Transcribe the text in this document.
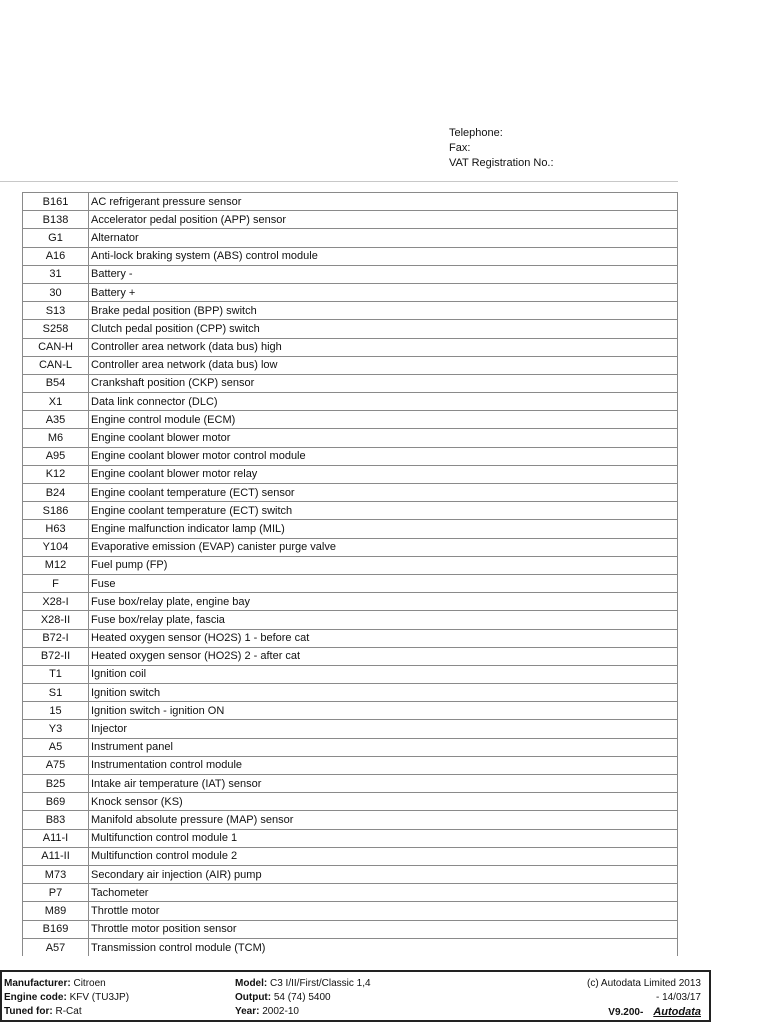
Telephone:
Fax:
VAT Registration No.:
B161	AC refrigerant pressure sensor
B138	Accelerator pedal position (APP) sensor
G1	Alternator
A16	Anti-lock braking system (ABS) control module
31	Battery -
30	Battery +
S13	Brake pedal position (BPP) switch
S258	Clutch pedal position (CPP) switch
CAN-H	Controller area network (data bus) high
CAN-L	Controller area network (data bus) low
B54	Crankshaft position (CKP) sensor
X1	Data link connector (DLC)
A35	Engine control module (ECM)
M6	Engine coolant blower motor
A95	Engine coolant blower motor control module
K12	Engine coolant blower motor relay
B24	Engine coolant temperature (ECT) sensor
S186	Engine coolant temperature (ECT) switch
H63	Engine malfunction indicator lamp (MIL)
Y104	Evaporative emission (EVAP) canister purge valve
M12	Fuel pump (FP)
F	Fuse
X28-I	Fuse box/relay plate, engine bay
X28-II	Fuse box/relay plate, fascia
B72-I	Heated oxygen sensor (HO2S) 1 - before cat
B72-II	Heated oxygen sensor (HO2S) 2 - after cat
T1	Ignition coil
S1	Ignition switch
15	Ignition switch - ignition ON
Y3	Injector
A5	Instrument panel
A75	Instrumentation control module
B25	Intake air temperature (IAT) sensor
B69	Knock sensor (KS)
B83	Manifold absolute pressure (MAP) sensor
A11-I	Multifunction control module 1
A11-II	Multifunction control module 2
M73	Secondary air injection (AIR) pump
P7	Tachometer
M89	Throttle motor
B169	Throttle motor position sensor
A57	Transmission control module (TCM)
Manufacturer: Citroen
Engine code: KFV (TU3JP)
Tuned for: R-Cat
Model: C3 I/II/First/Classic 1,4
Output: 54 (74) 5400
Year: 2002-10
(c) Autodata Limited 2013
- 14/03/17
V9.200- Autodata
